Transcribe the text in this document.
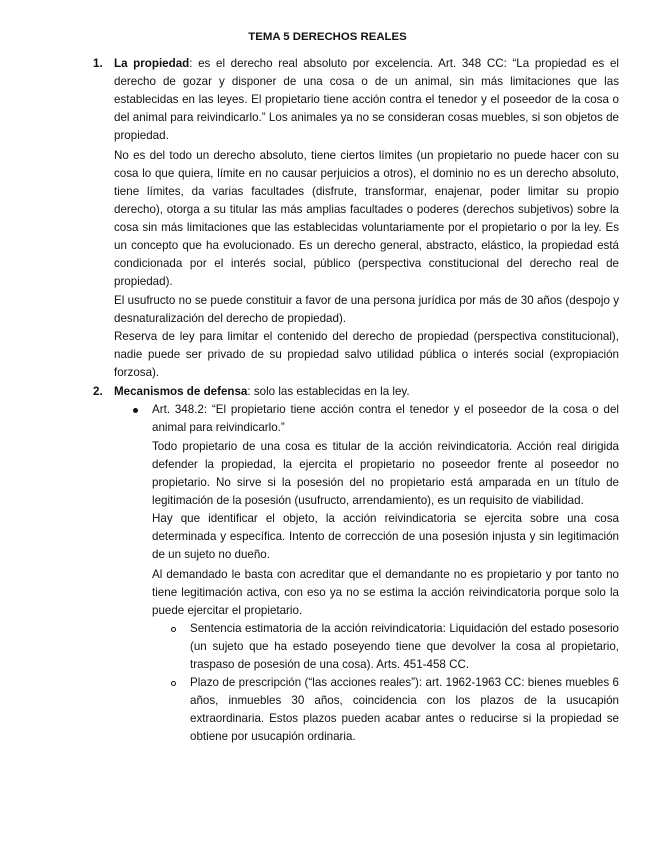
TEMA 5 DERECHOS REALES
1. La propiedad: es el derecho real absoluto por excelencia. Art. 348 CC: “La propiedad es el derecho de gozar y disponer de una cosa o de un animal, sin más limitaciones que las establecidas en las leyes. El propietario tiene acción contra el tenedor y el poseedor de la cosa o del animal para reivindicarlo.” Los animales ya no se consideran cosas muebles, si son objetos de propiedad.

No es del todo un derecho absoluto, tiene ciertos límites (un propietario no puede hacer con su cosa lo que quiera, límite en no causar perjuicios a otros), el dominio no es un derecho absoluto, tiene límites, da varias facultades (disfrute, transformar, enajenar, poder limitar su propio derecho), otorga a su titular las más amplias facultades o poderes (derechos subjetivos) sobre la cosa sin más limitaciones que las establecidas voluntariamente por el propietario o por la ley. Es un concepto que ha evolucionado. Es un derecho general, abstracto, elástico, la propiedad está condicionada por el interés social, público (perspectiva constitucional del derecho real de propiedad).

El usufructo no se puede constituir a favor de una persona jurídica por más de 30 años (despojo y desnaturalización del derecho de propiedad).

Reserva de ley para limitar el contenido del derecho de propiedad (perspectiva constitucional), nadie puede ser privado de su propiedad salvo utilidad pública o interés social (expropiación forzosa).

2. Mecanismos de defensa: solo las establecidas en la ley.

Art. 348.2: “El propietario tiene acción contra el tenedor y el poseedor de la cosa o del animal para reivindicarlo.”

Todo propietario de una cosa es titular de la acción reivindicatoria. Acción real dirigida defender la propiedad, la ejercita el propietario no poseedor frente al poseedor no propietario. No sirve si la posesión del no propietario está amparada en un título de legitimación de la posesión (usufructo, arrendamiento), es un requisito de viabilidad.

Hay que identificar el objeto, la acción reivindicatoria se ejercita sobre una cosa determinada y específica. Intento de corrección de una posesión injusta y sin legitimación de un sujeto no dueño.

Al demandado le basta con acreditar que el demandante no es propietario y por tanto no tiene legitimación activa, con eso ya no se estima la acción reivindicatoria porque solo la puede ejercitar el propietario.

Sentencia estimatoria de la acción reivindicatoria: Liquidación del estado posesorio (un sujeto que ha estado poseyendo tiene que devolver la cosa al propietario, traspaso de posesión de una cosa). Arts. 451-458 CC.

Plazo de prescripción (“las acciones reales”): art. 1962-1963 CC: bienes muebles 6 años, inmuebles 30 años, coincidencia con los plazos de la usucapión extraordinaria. Estos plazos pueden acabar antes o reducirse si la propiedad se obtiene por usucapión ordinaria.
